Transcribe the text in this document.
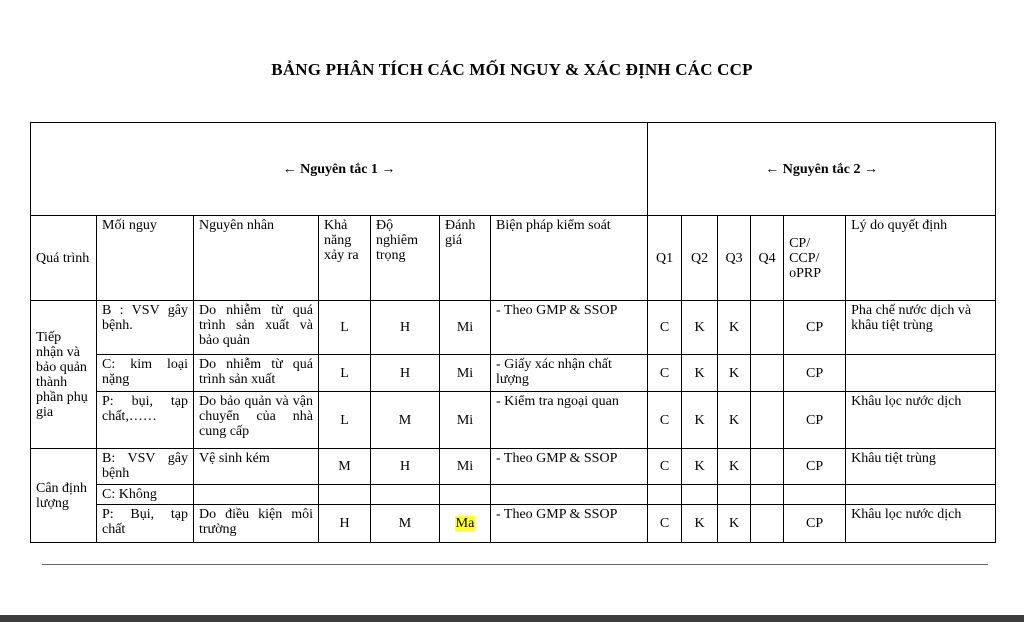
BẢNG PHÂN TÍCH CÁC MỐI NGUY & XÁC ĐỊNH CÁC CCP
← Nguyên tắc 1 →							← Nguyên tắc 2 →					
Quá trình	Mối nguy	Nguyên nhân	Khả năng xảy ra	Độ nghiêm trọng	Đánh giá	Biện pháp kiểm soát	Q1	Q2	Q3	Q4	CP/ CCP/ oPRP	Lý do quyết định
Tiếp nhận và bảo quản thành phần phụ gia	B : VSV gây bệnh.	Do nhiễm từ quá trình sản xuất và bảo quản	L	H	Mi	- Theo GMP & SSOP	C	K	K		CP	Pha chế nước dịch và khâu tiệt trùng
	C: kim loại nặng	Do nhiễm từ quá trình sản xuất	L	H	Mi	- Giấy xác nhận chất lượng	C	K	K		CP	
	P: bụi, tạp chất,……	Do bảo quản và vận chuyển của nhà cung cấp	L	M	Mi	- Kiểm tra ngoại quan	C	K	K		CP	Khâu lọc nước dịch
Cân định lượng	B: VSV gây bệnh	Vệ sinh kém	M	H	Mi	- Theo GMP & SSOP	C	K	K		CP	Khâu tiệt trùng
	C: Không											
	P: Bụi, tạp chất	Do điều kiện môi trường	H	M	Ma	- Theo GMP & SSOP	C	K	K		CP	Khâu lọc nước dịch
